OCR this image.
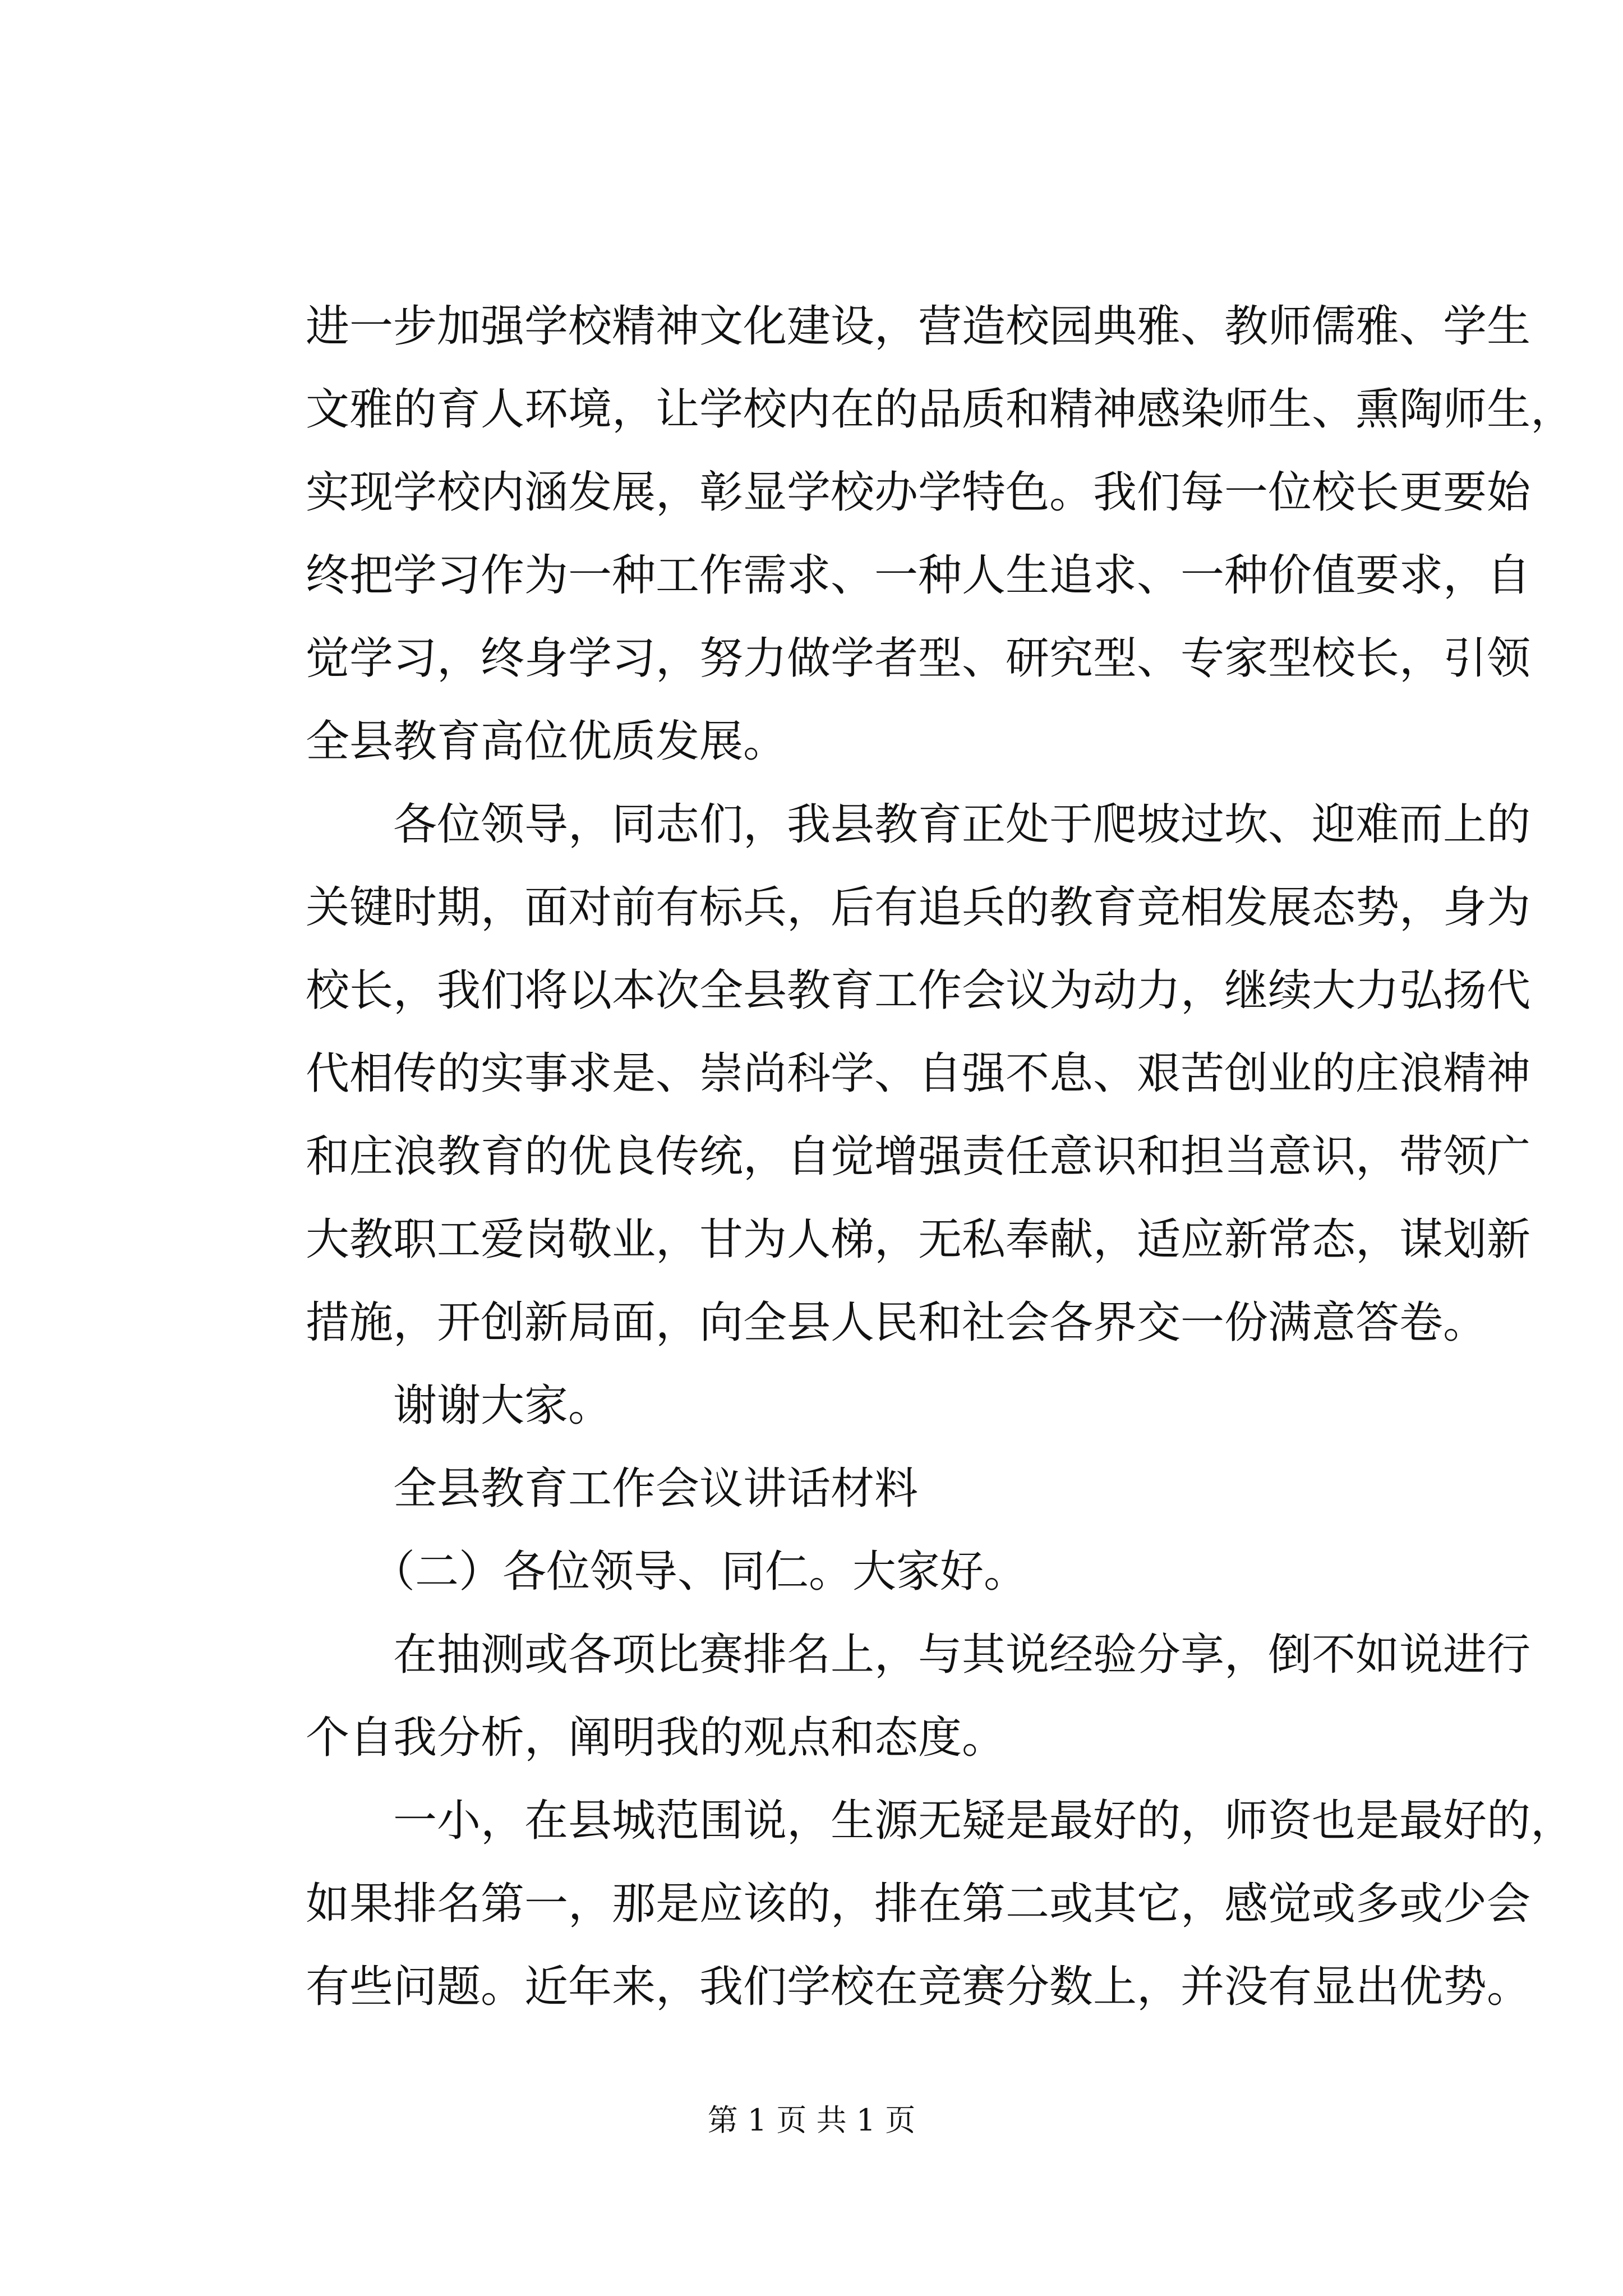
进一步加强学校精神文化建设，营造校园典雅、教师儒雅、学生
文雅的育人环境，让学校内在的品质和精神感染师生、熏陶师生，
实现学校内涵发展，彰显学校办学特色。我们每一位校长更要始
终把学习作为一种工作需求、一种人生追求、一种价值要求，自
觉学习，终身学习，努力做学者型、研究型、专家型校长，引领
全县教育高位优质发展。
　　各位领导，同志们，我县教育正处于爬坡过坎、迎难而上的
关键时期，面对前有标兵，后有追兵的教育竞相发展态势，身为
校长，我们将以本次全县教育工作会议为动力，继续大力弘扬代
代相传的实事求是、崇尚科学、自强不息、艰苦创业的庄浪精神
和庄浪教育的优良传统，自觉增强责任意识和担当意识，带领广
大教职工爱岗敬业，甘为人梯，无私奉献，适应新常态，谋划新
措施，开创新局面，向全县人民和社会各界交一份满意答卷。
　　谢谢大家。
　　全县教育工作会议讲话材料
　　（二）各位领导、同仁。大家好。
　　在抽测或各项比赛排名上，与其说经验分享，倒不如说进行
个自我分析，阐明我的观点和态度。
　　一小，在县城范围说，生源无疑是最好的，师资也是最好的，
如果排名第一，那是应该的，排在第二或其它，感觉或多或少会
有些问题。近年来，我们学校在竞赛分数上，并没有显出优势。
第 1 页 共 1 页
